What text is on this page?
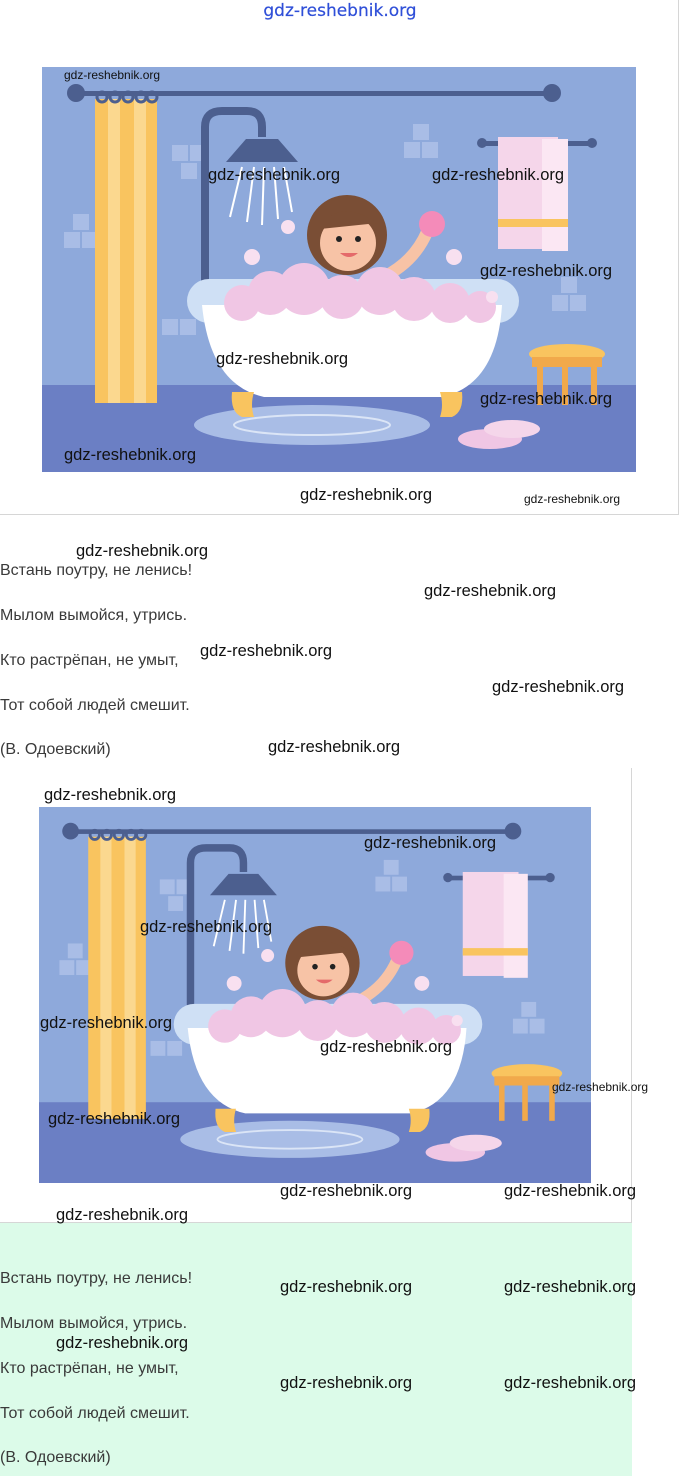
gdz-reshebnik.org
Встань поутру, не ленись!
Мылом вымойся, утрись.
Кто растрёпан, не умыт,
Тот собой людей смешит.
(В. Одоевский)
Встань поутру, не ленись!
Мылом вымойся, утрись.
Кто растрёпан, не умыт,
Тот собой людей смешит.
(В. Одоевский)
gdz-reshebnik.org
gdz-reshebnik.org	gdz-reshebnik.org
gdz-reshebnik.org
gdz-reshebnik.org
gdz-reshebnik.org
gdz-reshebnik.org
gdz-reshebnik.org	gdz-reshebnik.org
gdz-reshebnik.org
gdz-reshebnik.org
gdz-reshebnik.org
gdz-reshebnik.org
gdz-reshebnik.org
gdz-reshebnik.org
gdz-reshebnik.org
gdz-reshebnik.org
gdz-reshebnik.org
gdz-reshebnik.org
gdz-reshebnik.org
gdz-reshebnik.org
gdz-reshebnik.org	gdz-reshebnik.org
gdz-reshebnik.org
gdz-reshebnik.org	gdz-reshebnik.org
gdz-reshebnik.org
gdz-reshebnik.org	gdz-reshebnik.org
